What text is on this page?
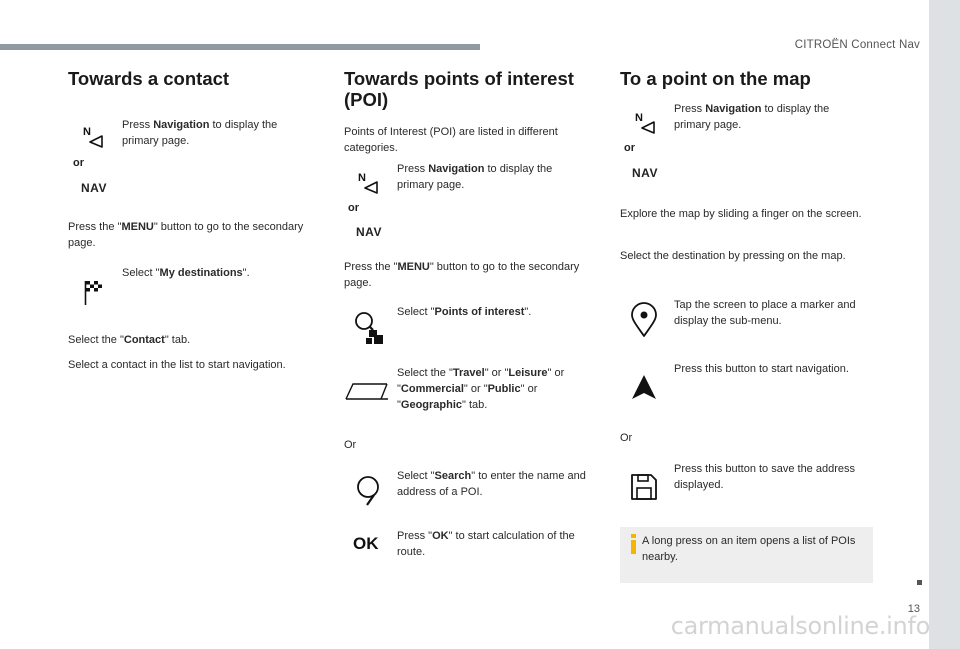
CITROËN Connect Nav
13
carmanualsonline.info
Towards a contact
N
or
NAV
Press Navigation to display the primary page.
Press the "MENU" button to go to the secondary page.
Select "My destinations".
Select the "Contact" tab.
Select a contact in the list to start navigation.
Towards points of interest (POI)
Points of Interest (POI) are listed in different categories.
N
or
NAV
Press Navigation to display the primary page.
Press the "MENU" button to go to the secondary page.
Select "Points of interest".
Select the "Travel" or "Leisure" or "Commercial" or "Public" or "Geographic" tab.
Or
Select "Search" to enter the name and address of a POI.
OK Press "OK" to start calculation of the route.
To a point on the map
N
or
NAV
Press Navigation to display the primary page.
Explore the map by sliding a finger on the screen.
Select the destination by pressing on the map.
Tap the screen to place a marker and display the sub-menu.
Press this button to start navigation.
Or
Press this button to save the address displayed.
A long press on an item opens a list of POIs nearby.
